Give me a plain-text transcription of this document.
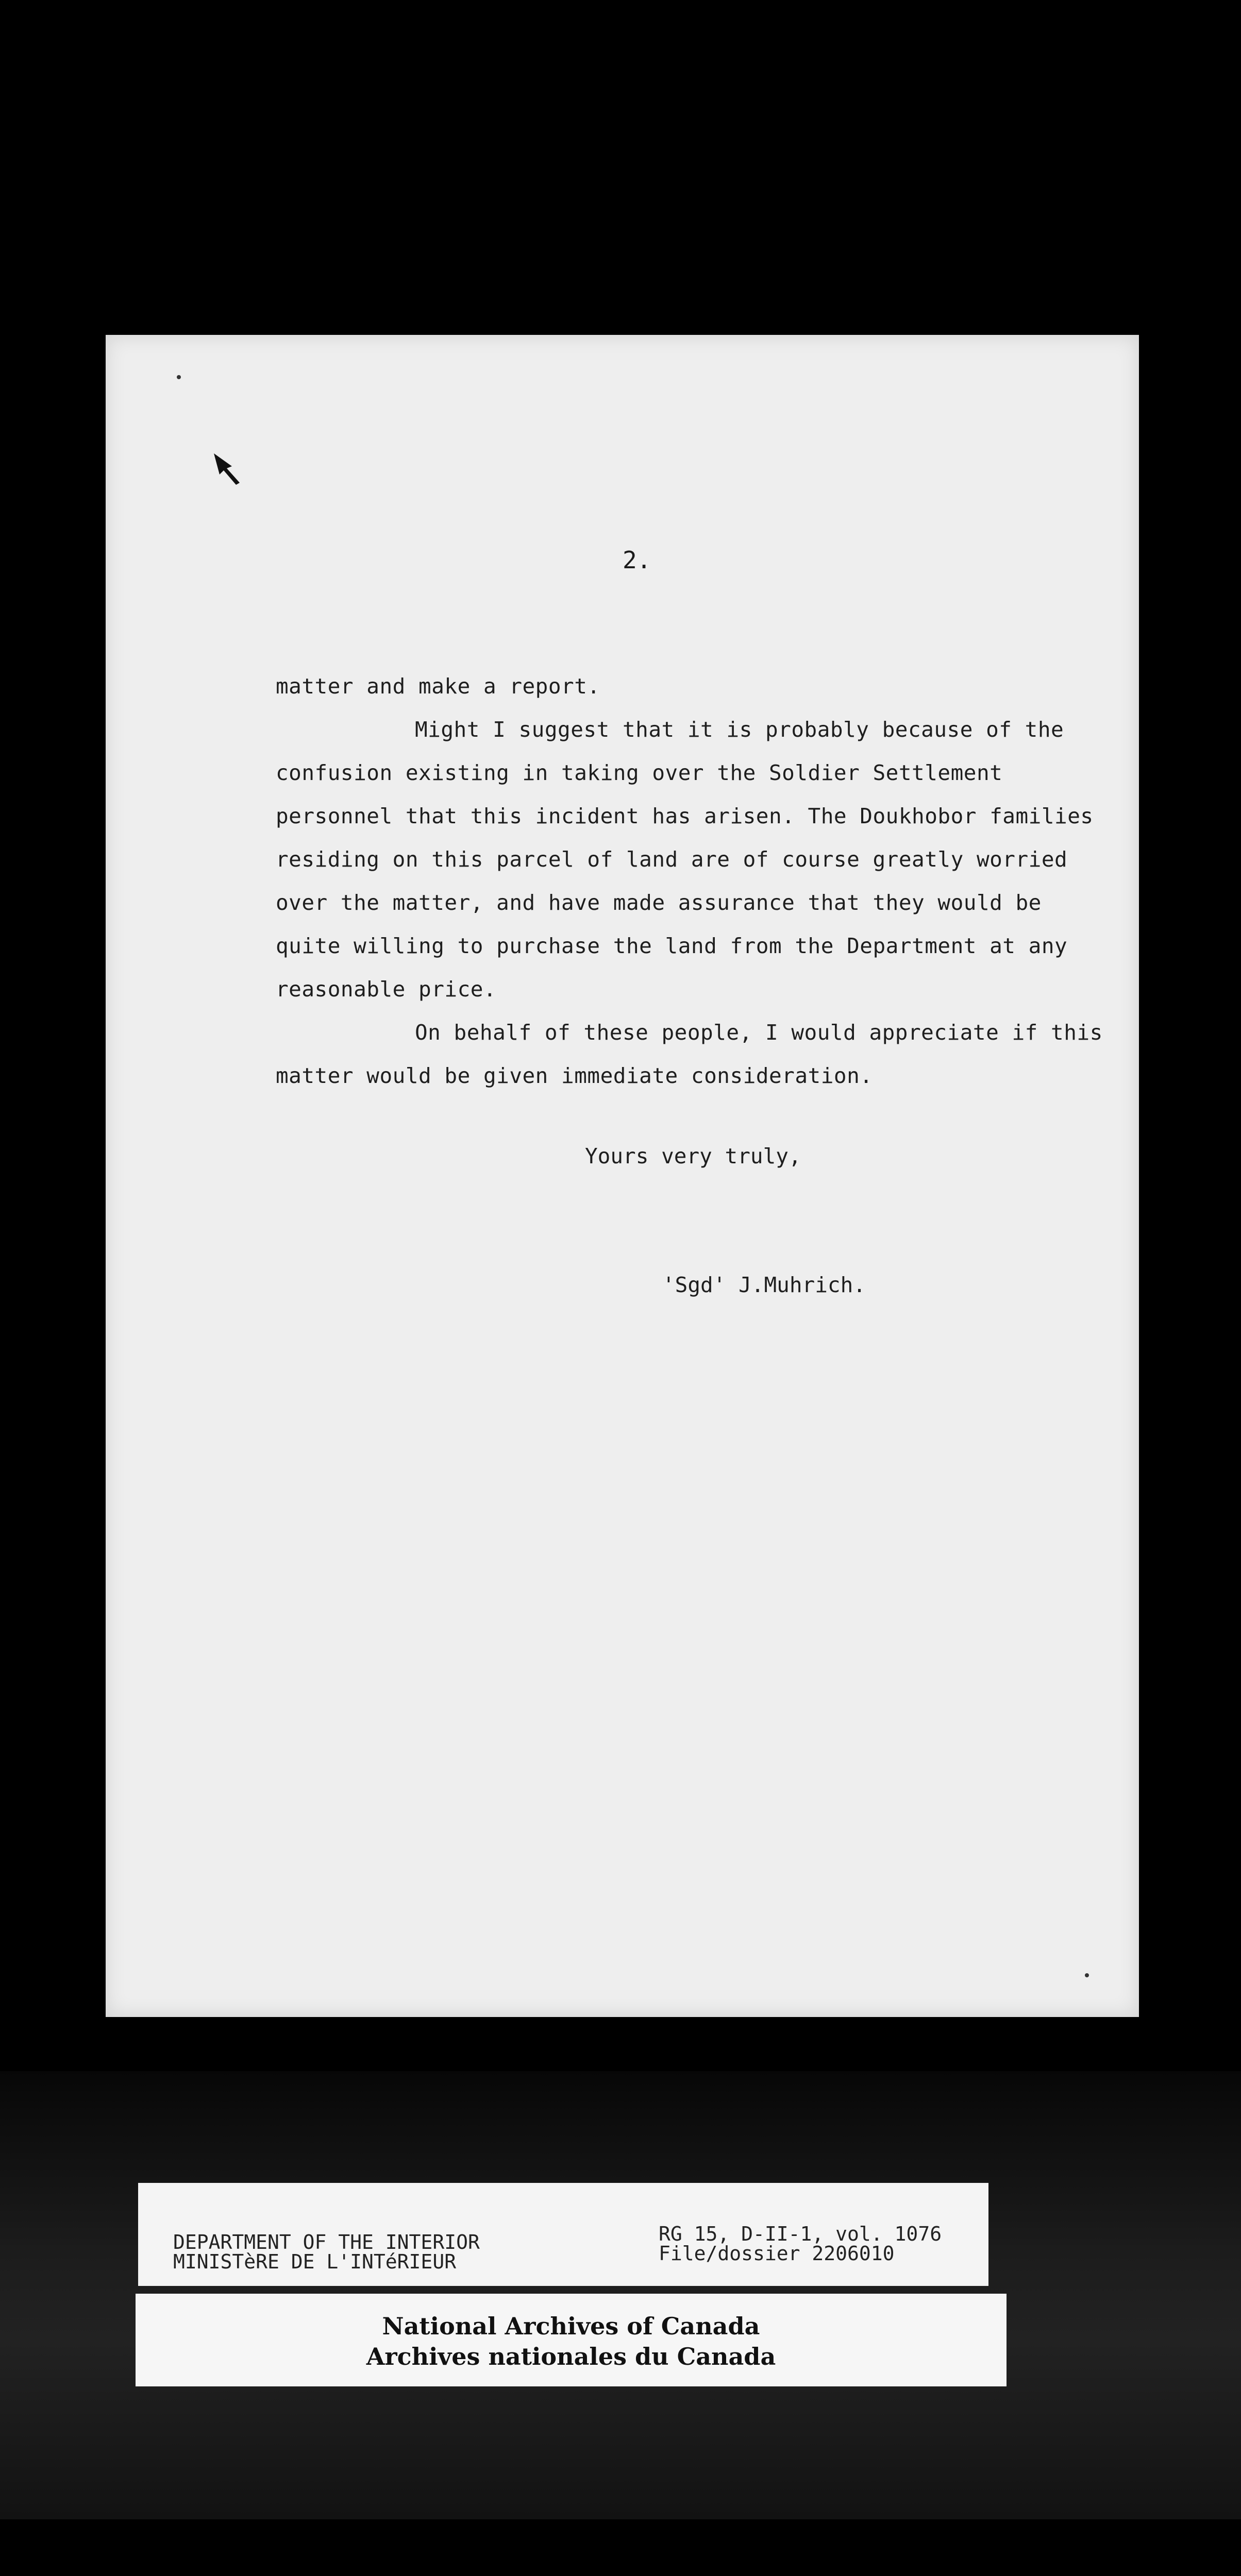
2.

matter and make a report.

Might I suggest that it is probably because of the confusion existing in taking over the Soldier Settlement personnel that this incident has arisen. The Doukhobor families residing on this parcel of land are of course greatly worried over the matter, and have made assurance that they would be quite willing to purchase the land from the Department at any reasonable price.

On behalf of these people, I would appreciate if this matter would be given immediate consideration.

Yours very truly,
'Sgd' J.Muhrich.
DEPARTMENT OF THE INTERIOR
MINISTèRE DE L'INTéRIEUR
RG 15, D-II-1, vol. 1076
File/dossier 2206010
National Archives of Canada
Archives nationales du Canada
